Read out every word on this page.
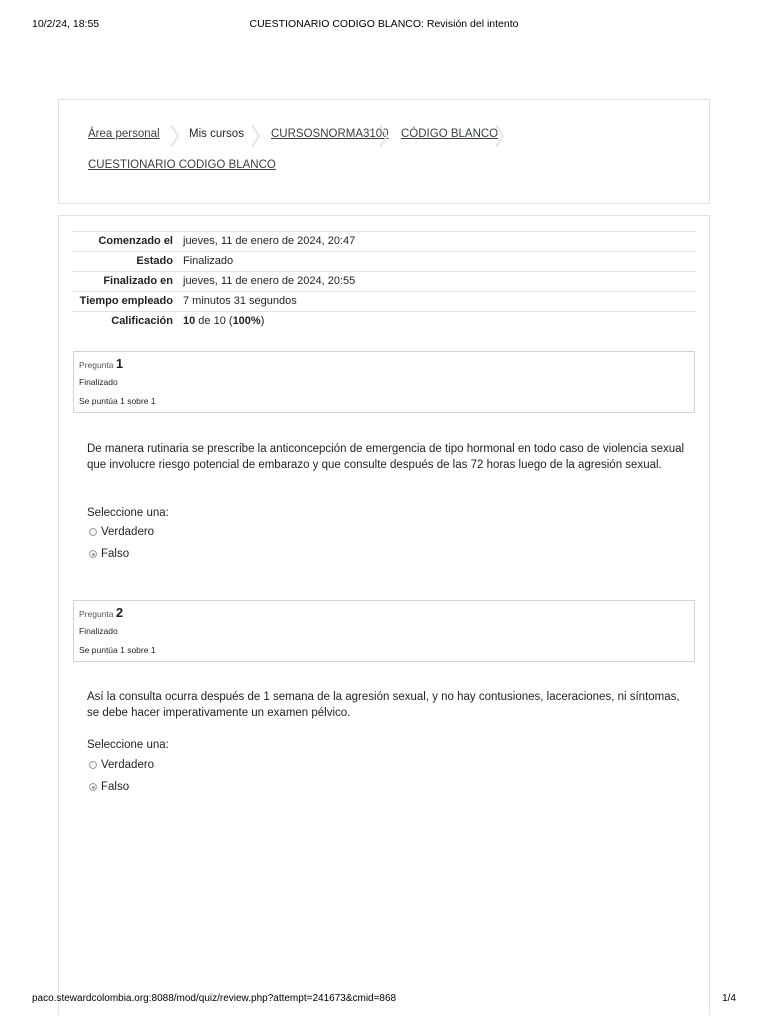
10/2/24, 18:55	CUESTIONARIO CODIGO BLANCO: Revisión del intento
Área personal	Mis cursos CURSOSNORMA3100 CÓDIGO BLANCO
CUESTIONARIO CODIGO BLANCO
Comenzado el	jueves, 11 de enero de 2024, 20:47
Estado	Finalizado
Finalizado en	jueves, 11 de enero de 2024, 20:55
Tiempo empleado	7 minutos 31 segundos
Calificación	10 de 10 (100%)
Pregunta 1
Finalizado
Se puntúa 1 sobre 1
De manera rutinaria se prescribe la anticoncepción de emergencia de tipo hormonal en todo caso de violencia sexual que involucre riesgo potencial de embarazo y que consulte después de las 72 horas luego de la agresión sexual.
Seleccione una:
Verdadero
Falso
Pregunta 2
Finalizado
Se puntúa 1 sobre 1
Así la consulta ocurra después de 1 semana de la agresión sexual, y no hay contusiones, laceraciones, ni síntomas, se debe hacer imperativamente un examen pélvico.
Seleccione una:
Verdadero
Falso
paco.stewardcolombia.org:8088/mod/quiz/review.php?attempt=241673&cmid=868	1/4
